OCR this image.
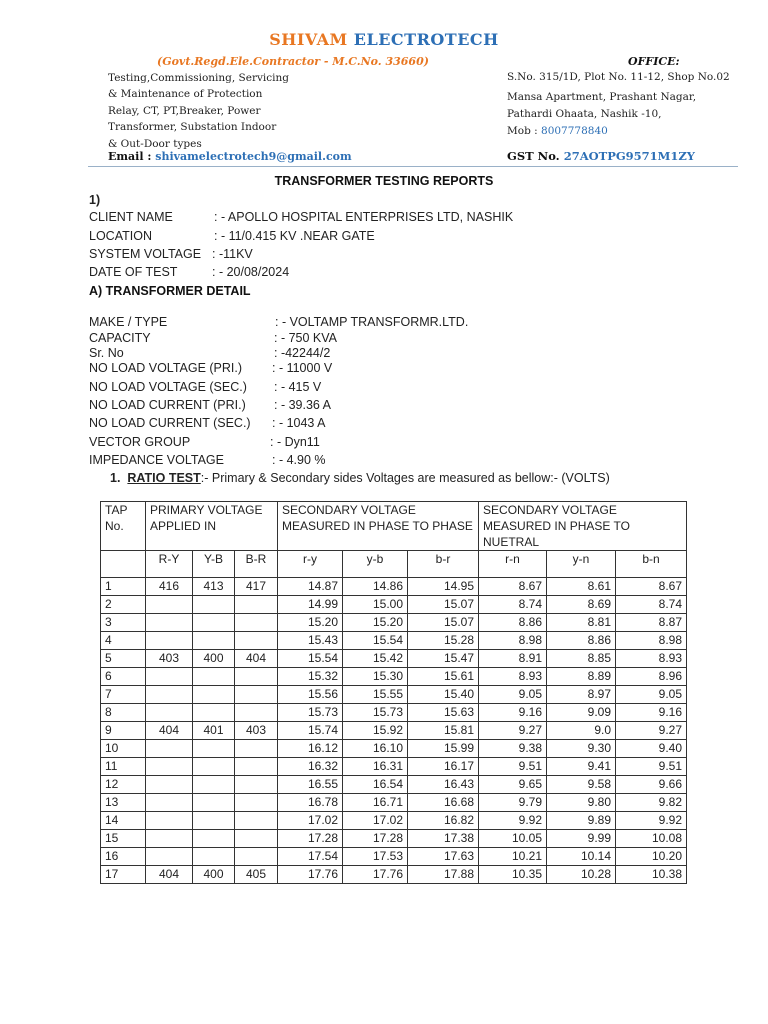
SHIVAM ELECTROTECH
(Govt.Regd.Ele.Contractor - M.C.No. 33660)	OFFICE:
Testing,Commissioning, Servicing
& Maintenance of Protection
Relay, CT, PT,Breaker, Power
Transformer, Substation Indoor
& Out-Door types
S.No. 315/1D, Plot No. 11-12, Shop No.02
Mansa Apartment, Prashant Nagar,
Pathardi Ohaata, Nashik -10,
Mob : 8007778840
Email : shivamelectrotech9@gmail.com	GST No. 27AOTPG9571M1ZY
TRANSFORMER TESTING REPORTS
1)
CLIENT NAME	: - APOLLO HOSPITAL ENTERPRISES LTD, NASHIK
LOCATION	: - 11/0.415 KV .NEAR GATE
SYSTEM VOLTAGE : -11KV
DATE OF TEST	: - 20/08/2024
A) TRANSFORMER DETAIL
MAKE / TYPE	: - VOLTAMP TRANSFORMR.LTD.
CAPACITY	: - 750 KVA
Sr. No	: -42244/2
NO LOAD VOLTAGE (PRI.) : - 11000 V
NO LOAD VOLTAGE (SEC.) : - 415 V
NO LOAD CURRENT (PRI.) : - 39.36 A
NO LOAD CURRENT (SEC.) : - 1043 A
VECTOR GROUP	: - Dyn11
IMPEDANCE VOLTAGE	: - 4.90 %
1. RATIO TEST:- Primary & Secondary sides Voltages are measured as bellow:- (VOLTS)
TAP No.	PRIMARY VOLTAGE APPLIED IN			SECONDARY VOLTAGE MEASURED IN PHASE TO PHASE			SECONDARY VOLTAGE MEASURED IN PHASE TO NUETRAL		
	R-Y	Y-B	B-R	r-y	y-b	b-r	r-n	y-n	b-n
1	416	413	417	14.87	14.86	14.95	8.67	8.61	8.67
2				14.99	15.00	15.07	8.74	8.69	8.74
3				15.20	15.20	15.07	8.86	8.81	8.87
4				15.43	15.54	15.28	8.98	8.86	8.98
5	403	400	404	15.54	15.42	15.47	8.91	8.85	8.93
6				15.32	15.30	15.61	8.93	8.89	8.96
7				15.56	15.55	15.40	9.05	8.97	9.05
8				15.73	15.73	15.63	9.16	9.09	9.16
9	404	401	403	15.74	15.92	15.81	9.27	9.0	9.27
10				16.12	16.10	15.99	9.38	9.30	9.40
11				16.32	16.31	16.17	9.51	9.41	9.51
12				16.55	16.54	16.43	9.65	9.58	9.66
13				16.78	16.71	16.68	9.79	9.80	9.82
14				17.02	17.02	16.82	9.92	9.89	9.92
15				17.28	17.28	17.38	10.05	9.99	10.08
16				17.54	17.53	17.63	10.21	10.14	10.20
17	404	400	405	17.76	17.76	17.88	10.35	10.28	10.38
